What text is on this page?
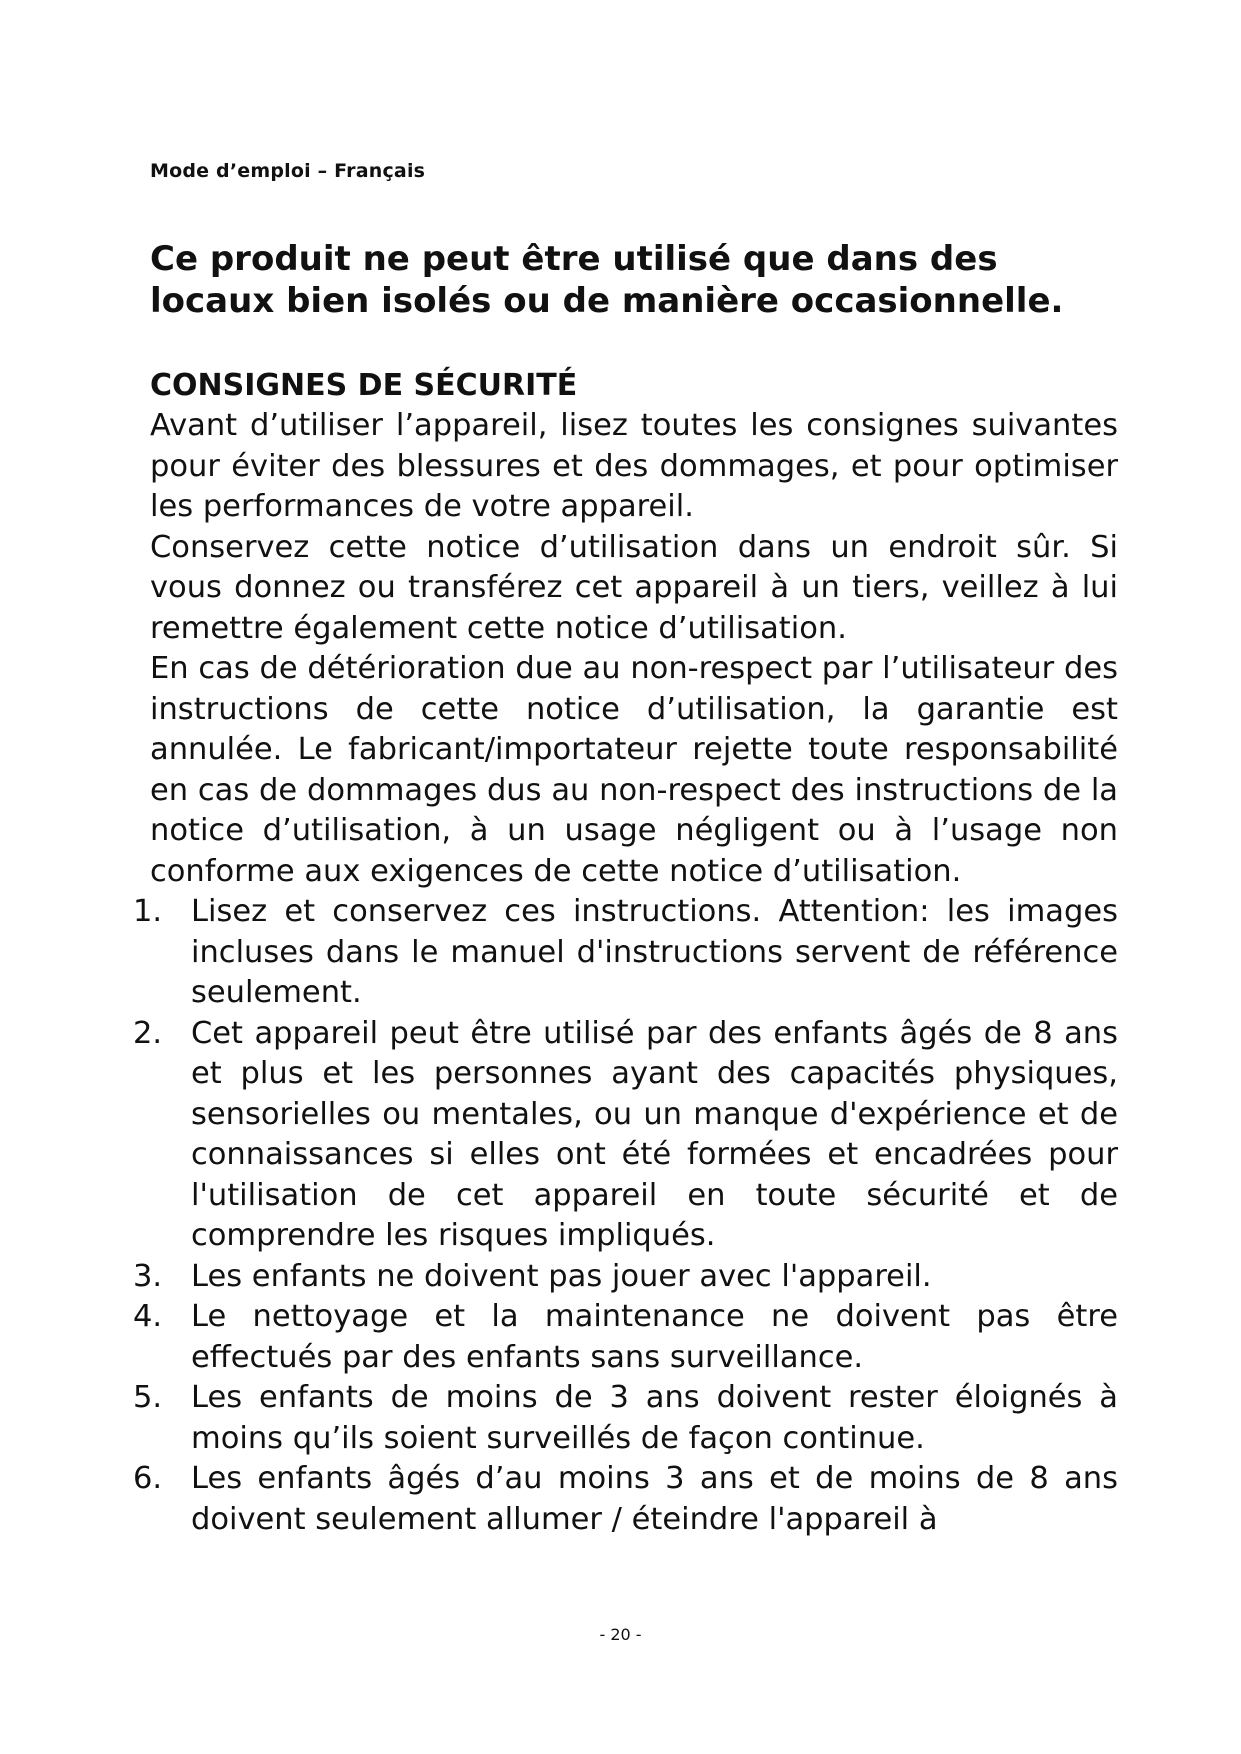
Mode d’emploi – Français

Ce produit ne peut être utilisé que dans des locaux bien isolés ou de manière occasionnelle.

CONSIGNES DE SÉCURITÉ

Avant d’utiliser l’appareil, lisez toutes les consignes suivantes pour éviter des blessures et des dommages, et pour optimiser les performances de votre appareil.

Conservez cette notice d’utilisation dans un endroit sûr. Si vous donnez ou transférez cet appareil à un tiers, veillez à lui remettre également cette notice d’utilisation.

En cas de détérioration due au non-respect par l’utilisateur des instructions de cette notice d’utilisation, la garantie est annulée. Le fabricant/importateur rejette toute responsabilité en cas de dommages dus au non-respect des instructions de la notice d’utilisation, à un usage négligent ou à l’usage non conforme aux exigences de cette notice d’utilisation.

1. Lisez et conservez ces instructions. Attention: les images incluses dans le manuel d'instructions servent de référence seulement.
2. Cet appareil peut être utilisé par des enfants âgés de 8 ans et plus et les personnes ayant des capacités physiques, sensorielles ou mentales, ou un manque d'expérience et de connaissances si elles ont été formées et encadrées pour l'utilisation de cet appareil en toute sécurité et de comprendre les risques impliqués.
3. Les enfants ne doivent pas jouer avec l'appareil.
4. Le nettoyage et la maintenance ne doivent pas être effectués par des enfants sans surveillance.
5. Les enfants de moins de 3 ans doivent rester éloignés à moins qu’ils soient surveillés de façon continue.
6. Les enfants âgés d’au moins 3 ans et de moins de 8 ans doivent seulement allumer / éteindre l'appareil à
- 20 -
